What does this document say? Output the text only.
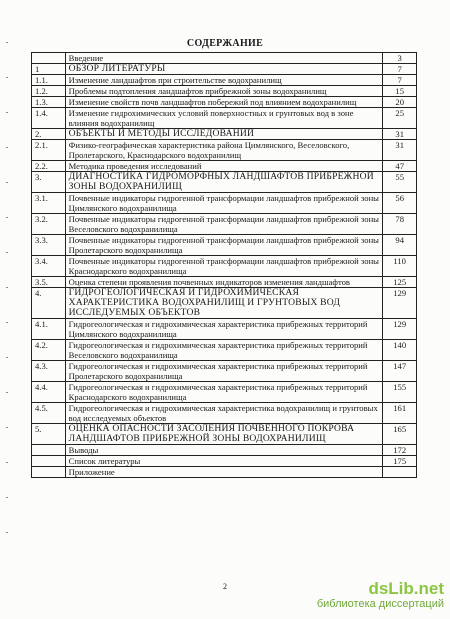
СОДЕРЖАНИЕ
	Введение	3
1	ОБЗОР ЛИТЕРАТУРЫ	7
1.1.	Изменение ландшафтов при строительстве водохранилищ	7
1.2.	Проблемы подтопления ландшафтов прибрежной зоны водохранилищ	15
1.3.	Изменение свойств почв ландшафтов побережий под влиянием водохранилищ	20
1.4.	Изменение гидрохимических условий поверхностных и грунтовых вод в зоне влияния водохранилищ	25
2.	ОБЪЕКТЫ И МЕТОДЫ ИССЛЕДОВАНИЙ	31
2.1.	Физико-географическая характеристика района Цимлянского, Веселовского, Пролетарского, Краснодарского водохранилищ	31
2.2.	Методика проведения исследований	47
3.	ДИАГНОСТИКА ГИДРОМОРФНЫХ ЛАНДШАФТОВ ПРИБРЕЖНОЙ ЗОНЫ ВОДОХРАНИЛИЩ	55
3.1.	Почвенные индикаторы гидрогенной трансформации ландшафтов прибрежной зоны Цимлянского водохранилища	56
3.2.	Почвенные индикаторы гидрогенной трансформации ландшафтов прибрежной зоны Веселовского водохранилища	78
3.3.	Почвенные индикаторы гидрогенной трансформации ландшафтов прибрежной зоны Пролетарского водохранилища	94
3.4.	Почвенные индикаторы гидрогенной трансформации ландшафтов прибрежной зоны Краснодарского водохранилища	110
3.5.	Оценка степени проявления почвенных индикаторов изменения ландшафтов	125
4.	ГИДРОГЕОЛОГИЧЕСКАЯ И ГИДРОХИМИЧЕСКАЯ ХАРАКТЕРИСТИКА ВОДОХРАНИЛИЩ И ГРУНТОВЫХ ВОД ИССЛЕДУЕМЫХ ОБЪЕКТОВ	129
4.1.	Гидрогеологическая и гидрохимическая характеристика прибрежных территорий Цимлянского водохранилища	129
4.2.	Гидрогеологическая и гидрохимическая характеристика прибрежных территорий Веселовского водохранилища	140
4.3.	Гидрогеологическая и гидрохимическая характеристика прибрежных территорий Пролетарского водохранилища	147
4.4.	Гидрогеологическая и гидрохимическая характеристика прибрежных территорий Краснодарского водохранилища	155
4.5.	Гидрогеологическая и гидрохимическая характеристика водохранилищ и грунтовых вод исследуемых объектов	161
5.	ОЦЕНКА ОПАСНОСТИ ЗАСОЛЕНИЯ ПОЧВЕННОГО ПОКРОВА ЛАНДШАФТОВ ПРИБРЕЖНОЙ ЗОНЫ ВОДОХРАНИЛИЩ	165
	Выводы	172
	Список литературы	175
	Приложение	
2	dsLib.net
библиотека диссертаций
